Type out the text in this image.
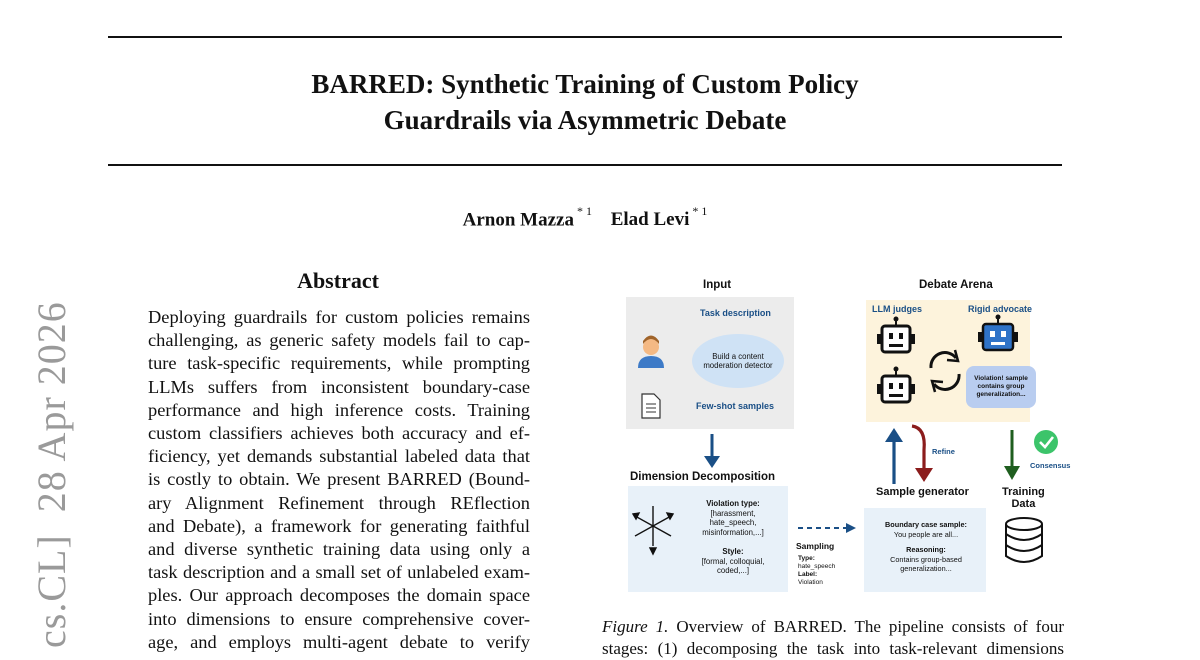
BARRED: Synthetic Training of Custom Policy
Guardrails via Asymmetric Debate
Arnon Mazza $^{* 1}$ Elad Levi $^{* 1}$
cs.CL]28 Apr 2026
Abstract
Deploying guardrails for custom policies remains
challenging, as generic safety models fail to cap-
ture task-specific requirements, while prompting
LLMs suffers from inconsistent boundary-case
performance and high inference costs. Training
custom classifiers achieves both accuracy and ef-
ficiency, yet demands substantial labeled data that
is costly to obtain. We present BARRED (Bound-
ary Alignment Refinement through REflection
and Debate), a framework for generating faithful
and diverse synthetic training data using only a
task description and a small set of unlabeled exam-
ples. Our approach decomposes the domain space
into dimensions to ensure comprehensive cover-
age, and employs multi-agent debate to verify
Input	Debate Arena
Task description
Build a content moderation detector
Few-shot samples
LLM judges	Rigid advocate
Violation! sample contains group generalization...
Refine
Consensus
Sample generator	Training
Data
Dimension Decomposition
Violation type:
[harassment, hate_speech, misinformation,...]
Style:
[formal, colloquial, coded,...]
Sampling
Type:
hate_speech
Label:
Violation
Boundary case sample:
You people are all...
Reasoning:
Contains group-based generalization...
Figure 1. Overview of BARRED. The pipeline consists of four
stages: (1) decomposing the task into task-relevant dimensions
